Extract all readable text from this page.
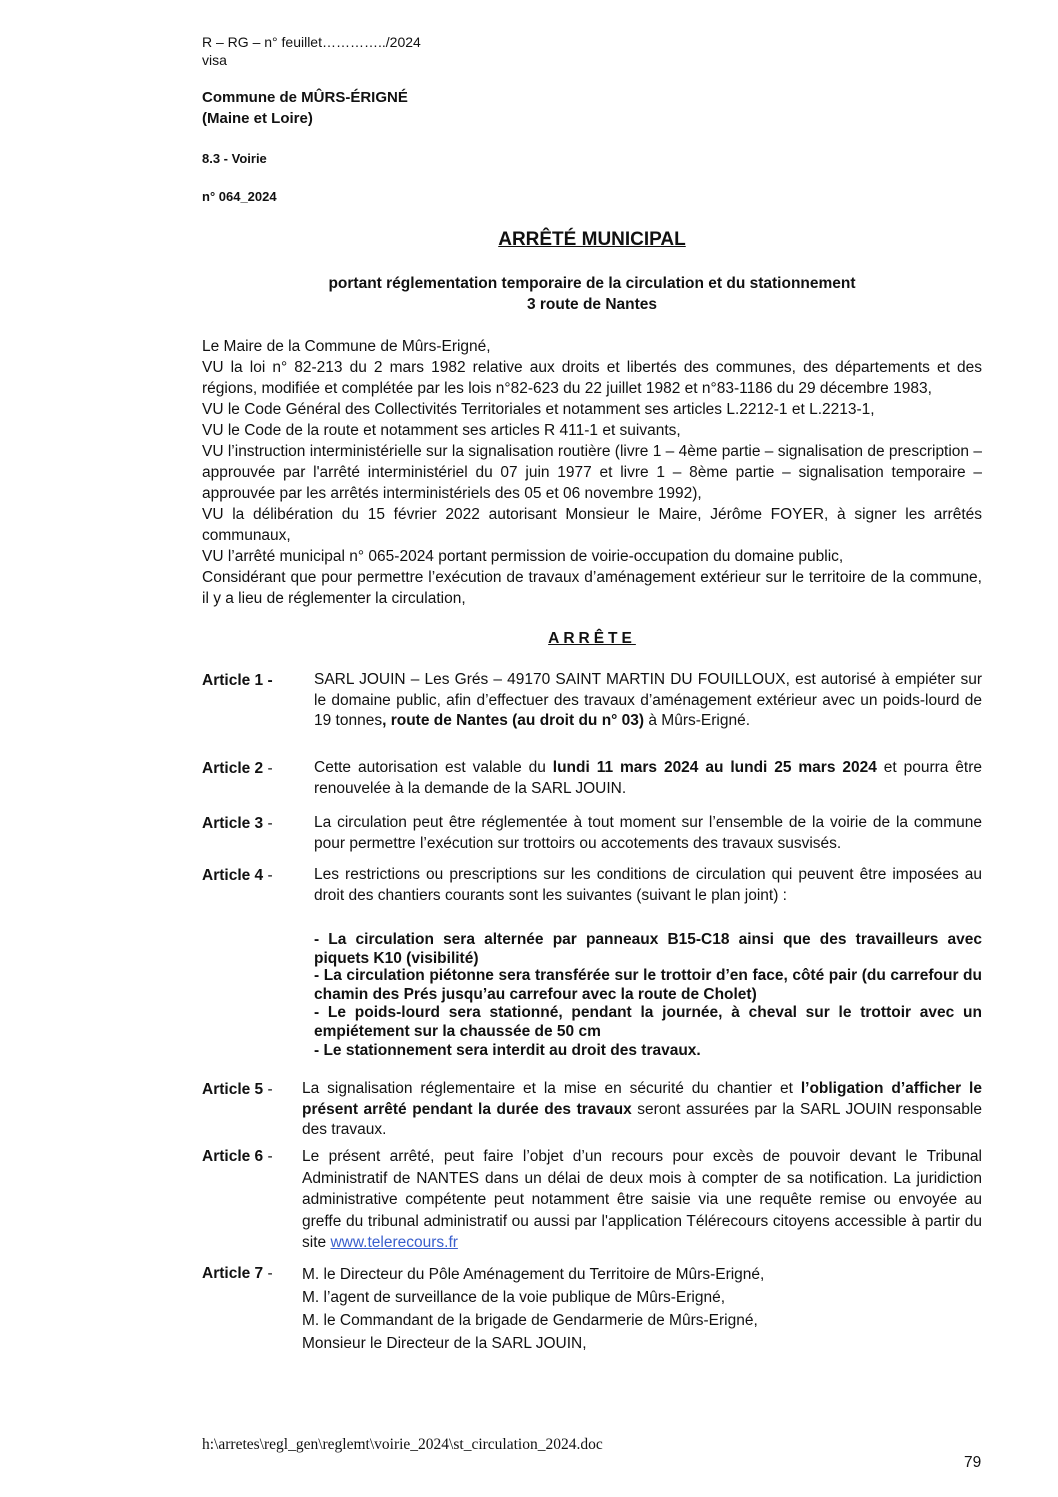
R – RG – n° feuillet…………../2024
visa
Commune de MÛRS-ÉRIGNÉ
(Maine et Loire)
8.3 - Voirie
n° 064_2024
ARRÊTÉ MUNICIPAL
portant réglementation temporaire de la circulation et du stationnement
3 route de Nantes
Le Maire de la Commune de Mûrs-Erigné,
VU la loi n° 82-213 du 2 mars 1982 relative aux droits et libertés des communes, des départements et des régions, modifiée et complétée par les lois n°82-623 du 22 juillet 1982 et n°83-1186 du 29 décembre 1983,
VU le Code Général des Collectivités Territoriales et notamment ses articles L.2212-1 et L.2213-1,
VU le Code de la route et notamment ses articles R 411-1 et suivants,
VU l’instruction interministérielle sur la signalisation routière (livre 1 – 4ème partie – signalisation de prescription – approuvée par l'arrêté interministériel du 07 juin 1977 et livre 1 – 8ème partie – signalisation temporaire – approuvée par les arrêtés interministériels des 05 et 06 novembre 1992),
VU la délibération du 15 février 2022 autorisant Monsieur le Maire, Jérôme FOYER, à signer les arrêtés communaux,
VU l’arrêté municipal n° 065-2024 portant permission de voirie-occupation du domaine public,
Considérant que pour permettre l’exécution de travaux d’aménagement extérieur sur le territoire de la commune, il y a lieu de réglementer la circulation,
ARRÊTE
Article 1 -	SARL JOUIN – Les Grés – 49170 SAINT MARTIN DU FOUILLOUX, est autorisé à empiéter sur le domaine public, afin d’effectuer des travaux d’aménagement extérieur avec un poids-lourd de 19 tonnes, route de Nantes (au droit du n° 03) à Mûrs-Erigné.
Article 2 -	Cette autorisation est valable du lundi 11 mars 2024 au lundi 25 mars 2024 et pourra être renouvelée à la demande de la SARL JOUIN.
Article 3 -	La circulation peut être réglementée à tout moment sur l’ensemble de la voirie de la commune pour permettre l’exécution sur trottoirs ou accotements des travaux susvisés.
Article 4 -	Les restrictions ou prescriptions sur les conditions de circulation qui peuvent être imposées au droit des chantiers courants sont les suivantes (suivant le plan joint) :
- La circulation sera alternée par panneaux B15-C18 ainsi que des travailleurs avec piquets K10 (visibilité)
- La circulation piétonne sera transférée sur le trottoir d’en face, côté pair (du carrefour du chamin des Prés jusqu’au carrefour avec la route de Cholet)
- Le poids-lourd sera stationné, pendant la journée, à cheval sur le trottoir avec un empiétement sur la chaussée de 50 cm
- Le stationnement sera interdit au droit des travaux.
Article 5 - La signalisation réglementaire et la mise en sécurité du chantier et l’obligation d’afficher le présent arrêté pendant la durée des travaux seront assurées par la SARL JOUIN responsable des travaux.
Article 6 - Le présent arrêté, peut faire l’objet d’un recours pour excès de pouvoir devant le Tribunal Administratif de NANTES dans un délai de deux mois à compter de sa notification. La juridiction administrative compétente peut notamment être saisie via une requête remise ou envoyée au greffe du tribunal administratif ou aussi par l'application Télérecours citoyens accessible à partir du site www.telerecours.fr
Article 7 - M. le Directeur du Pôle Aménagement du Territoire de Mûrs-Erigné,
M. l’agent de surveillance de la voie publique de Mûrs-Erigné,
M. le Commandant de la brigade de Gendarmerie de Mûrs-Erigné,
Monsieur le Directeur de la SARL JOUIN,
h:\arretes\regl_gen\reglemt\voirie_2024\st_circulation_2024.doc
79
